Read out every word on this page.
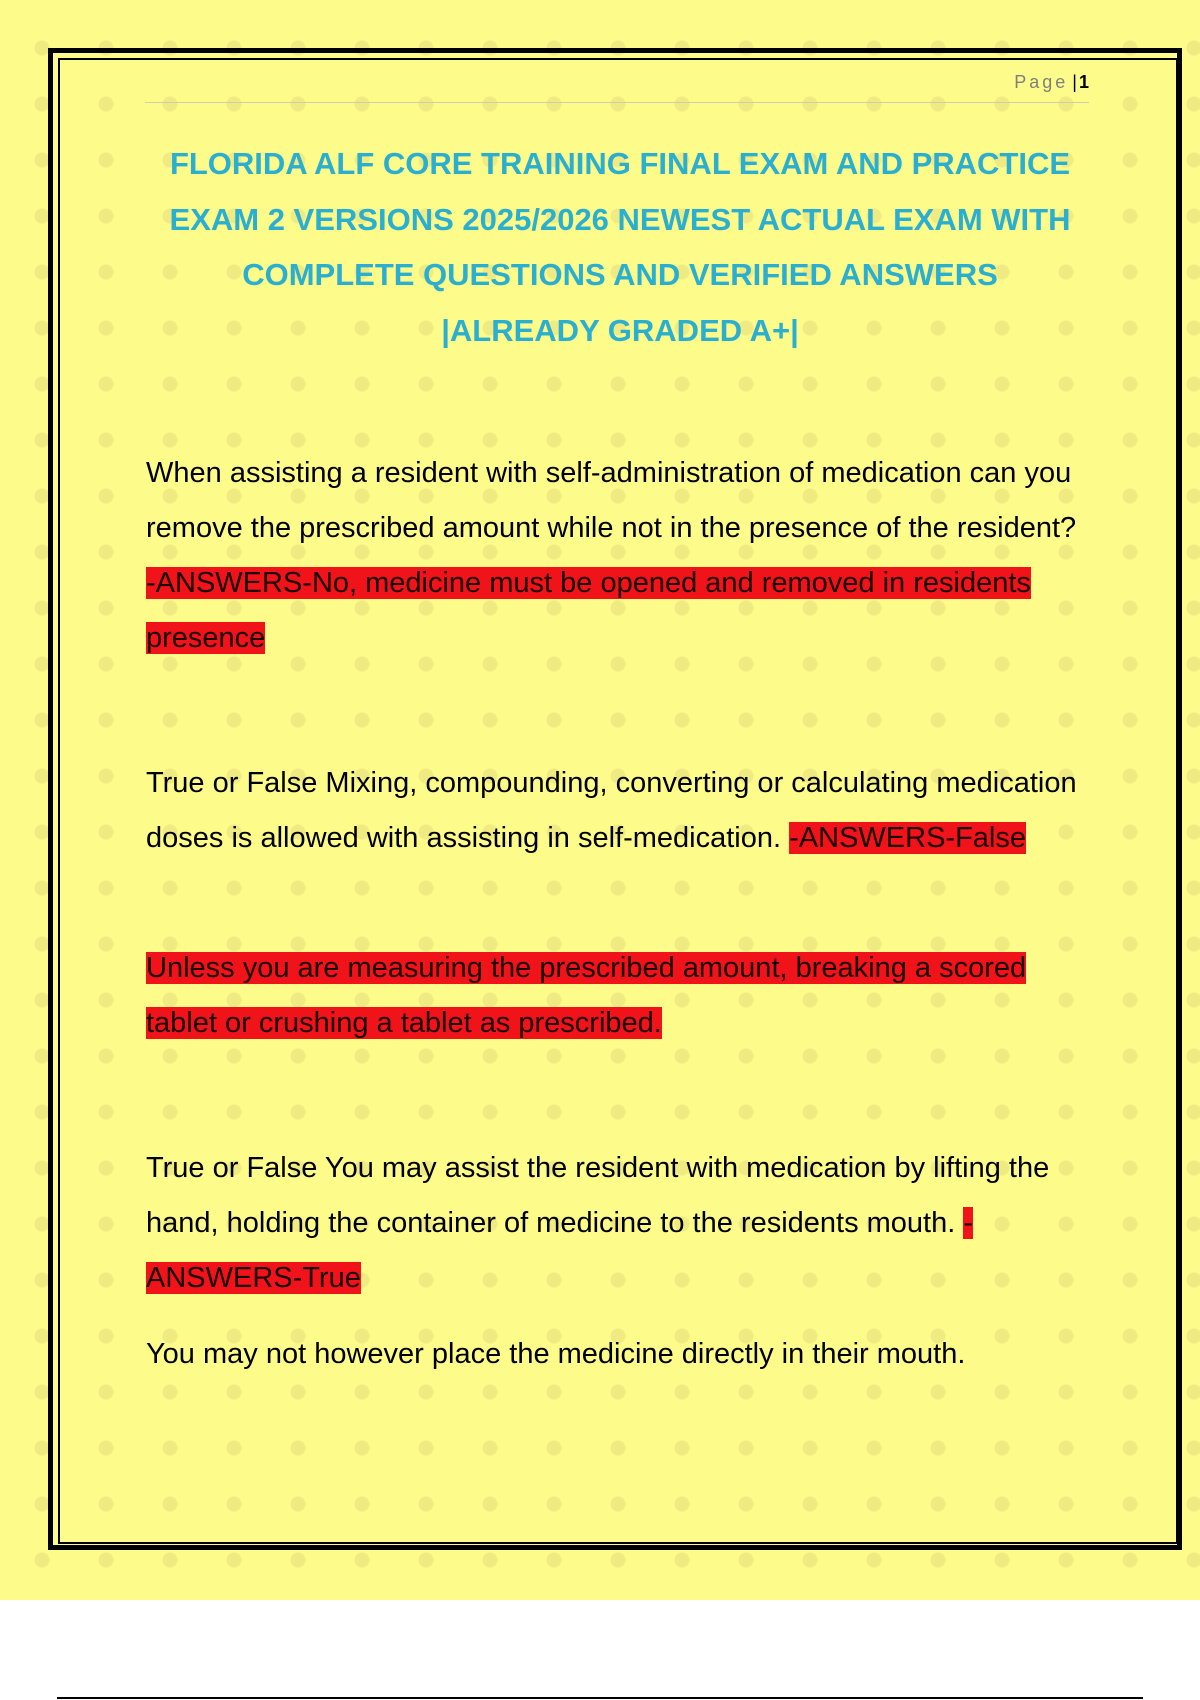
Page | 1
FLORIDA ALF CORE TRAINING FINAL EXAM AND PRACTICE
EXAM 2 VERSIONS 2025/2026 NEWEST ACTUAL EXAM WITH
COMPLETE QUESTIONS AND VERIFIED ANSWERS
|ALREADY GRADED A+|

When assisting a resident with self-administration of medication can you remove the prescribed amount while not in the presence of the resident? -ANSWERS-No, medicine must be opened and removed in residents presence

True or False Mixing, compounding, converting or calculating medication doses is allowed with assisting in self-medication. -ANSWERS-False

Unless you are measuring the prescribed amount, breaking a scored tablet or crushing a tablet as prescribed.

True or False You may assist the resident with medication by lifting the hand, holding the container of medicine to the residents mouth. -ANSWERS-True

You may not however place the medicine directly in their mouth.
